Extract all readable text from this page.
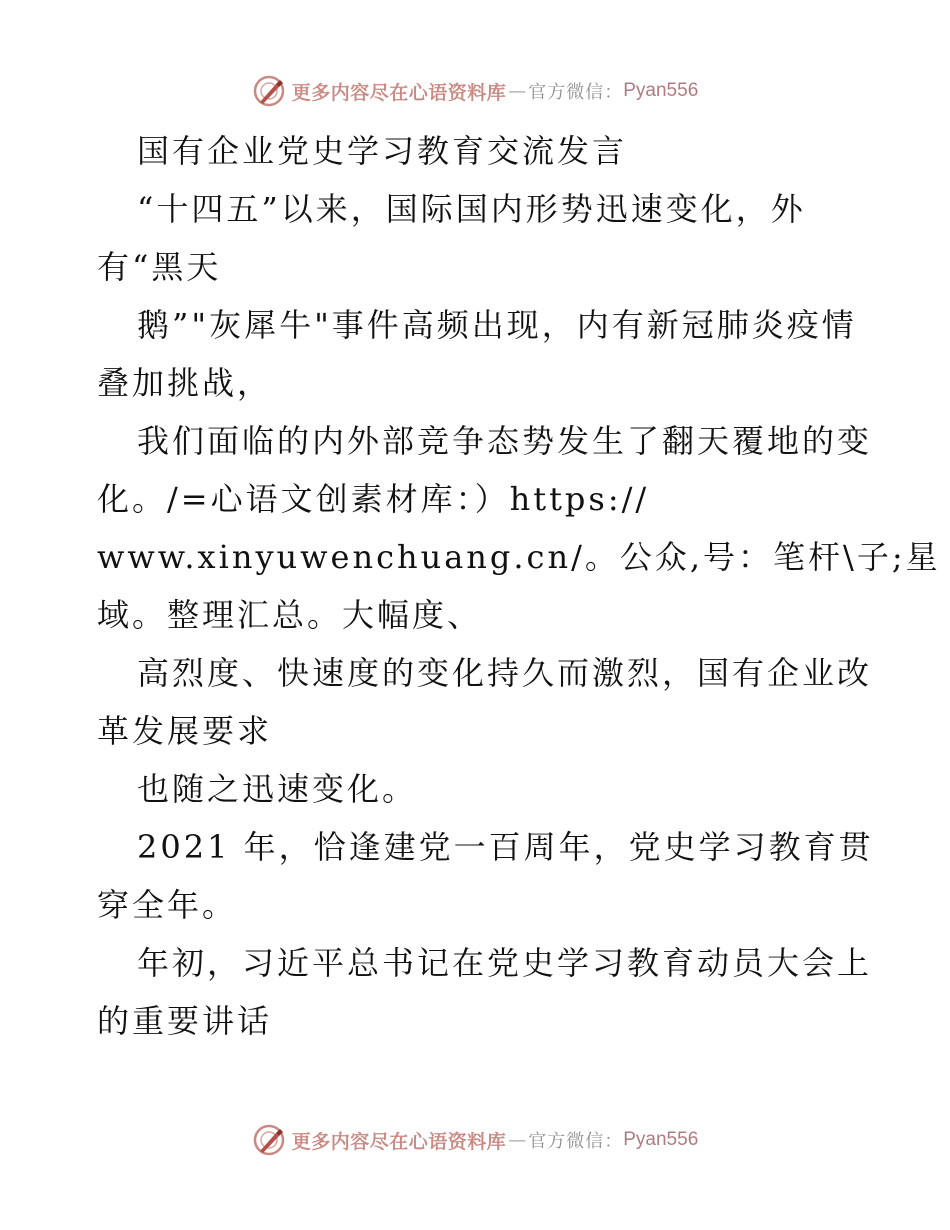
更多内容尽在心语资料库 — 官方微信： Pyan556
国有企业党史学习教育交流发言
“十四五”以来，国际国内形势迅速变化，外
有“黑天
鹅”"灰犀牛"事件高频出现，内有新冠肺炎疫情
叠加挑战，
我们面临的内外部竞争态势发生了翻天覆地的变
化。/=心语文创素材库：）https://
www.xinyuwenchuang.cn/。公众,号：笔杆\子;星
域。整理汇总。大幅度、
高烈度、快速度的变化持久而激烈，国有企业改
革发展要求
也随之迅速变化。
2021 年，恰逢建党一百周年，党史学习教育贯
穿全年。
年初，习近平总书记在党史学习教育动员大会上
的重要讲话
更多内容尽在心语资料库 — 官方微信： Pyan556
